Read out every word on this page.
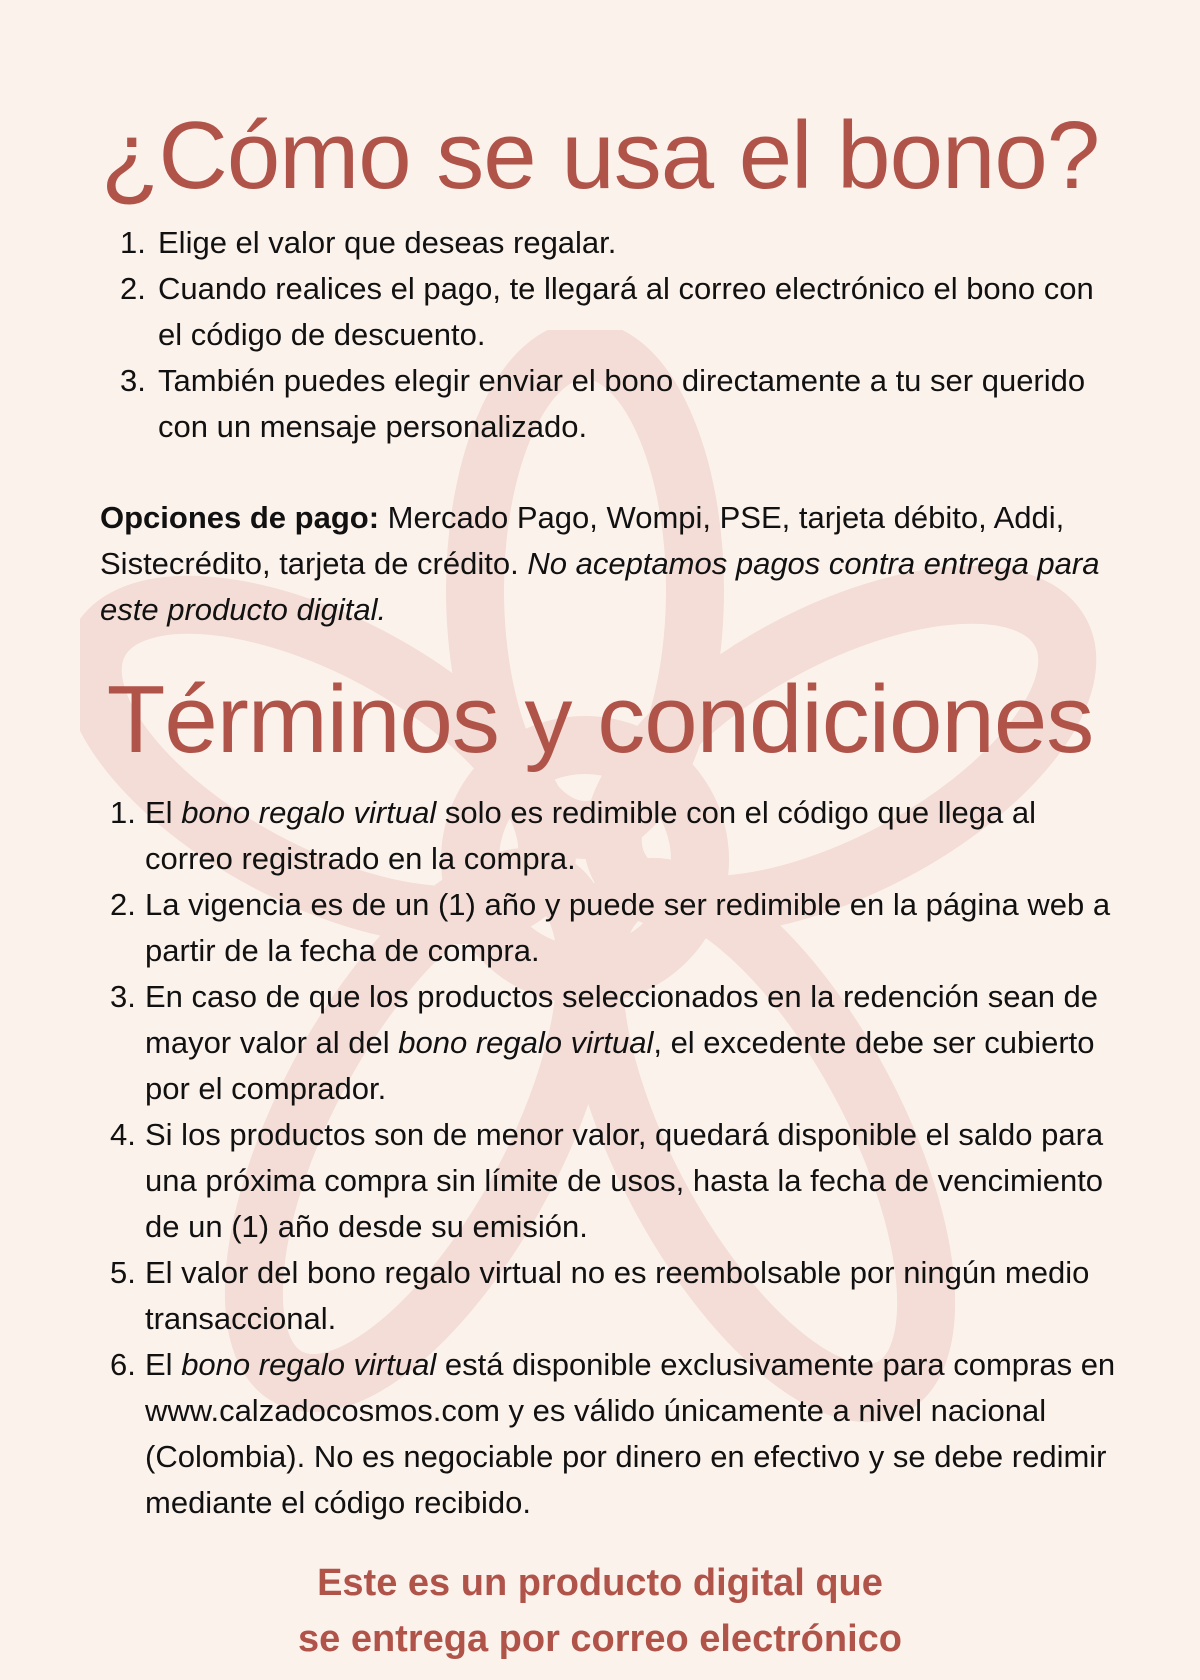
¿Cómo se usa el bono?
1. Elige el valor que deseas regalar.
2. Cuando realices el pago, te llegará al correo electrónico el bono con el código de descuento.
3. También puedes elegir enviar el bono directamente a tu ser querido con un mensaje personalizado.

Opciones de pago: Mercado Pago, Wompi, PSE, tarjeta débito, Addi, Sistecrédito, tarjeta de crédito. No aceptamos pagos contra entrega para este producto digital.

Términos y condiciones
1. El bono regalo virtual solo es redimible con el código que llega al correo registrado en la compra.
2. La vigencia es de un (1) año y puede ser redimible en la página web a partir de la fecha de compra.
3. En caso de que los productos seleccionados en la redención sean de mayor valor al del bono regalo virtual, el excedente debe ser cubierto por el comprador.
4. Si los productos son de menor valor, quedará disponible el saldo para una próxima compra sin límite de usos, hasta la fecha de vencimiento de un (1) año desde su emisión.
5. El valor del bono regalo virtual no es reembolsable por ningún medio transaccional.
6. El bono regalo virtual está disponible exclusivamente para compras en www.calzadocosmos.com y es válido únicamente a nivel nacional (Colombia). No es negociable por dinero en efectivo y se debe redimir mediante el código recibido.
Este es un producto digital que
se entrega por correo electrónico
